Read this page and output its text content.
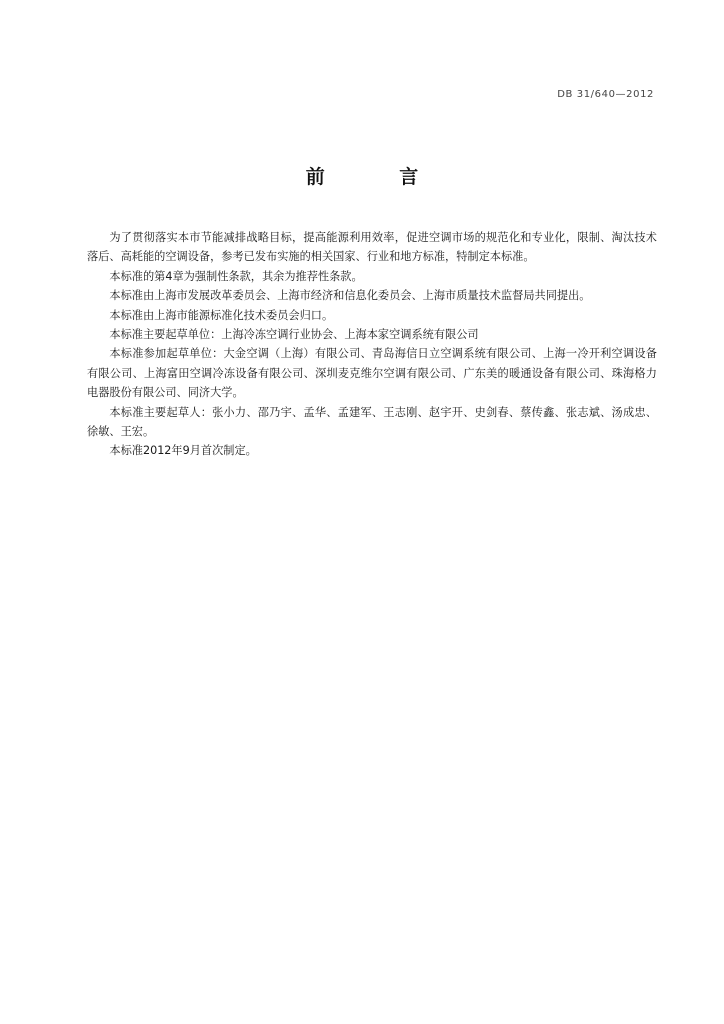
DB 31/640—2012
前 言

为了贯彻落实本市节能减排战略目标，提高能源利用效率，促进空调市场的规范化和专业化，限制、淘汰技术落后、高耗能的空调设备，参考已发布实施的相关国家、行业和地方标准，特制定本标准。

本标准的第4章为强制性条款，其余为推荐性条款。

本标准由上海市发展改革委员会、上海市经济和信息化委员会、上海市质量技术监督局共同提出。

本标准由上海市能源标准化技术委员会归口。

本标准主要起草单位：上海冷冻空调行业协会、上海本家空调系统有限公司

本标准参加起草单位：大金空调（上海）有限公司、青岛海信日立空调系统有限公司、上海一冷开利空调设备有限公司、上海富田空调冷冻设备有限公司、深圳麦克维尔空调有限公司、广东美的暖通设备有限公司、珠海格力电器股份有限公司、同济大学。

本标准主要起草人：张小力、邵乃宇、孟华、孟建军、王志刚、赵宇开、史剑春、蔡传鑫、张志斌、汤成忠、徐敏、王宏。

本标准2012年9月首次制定。
